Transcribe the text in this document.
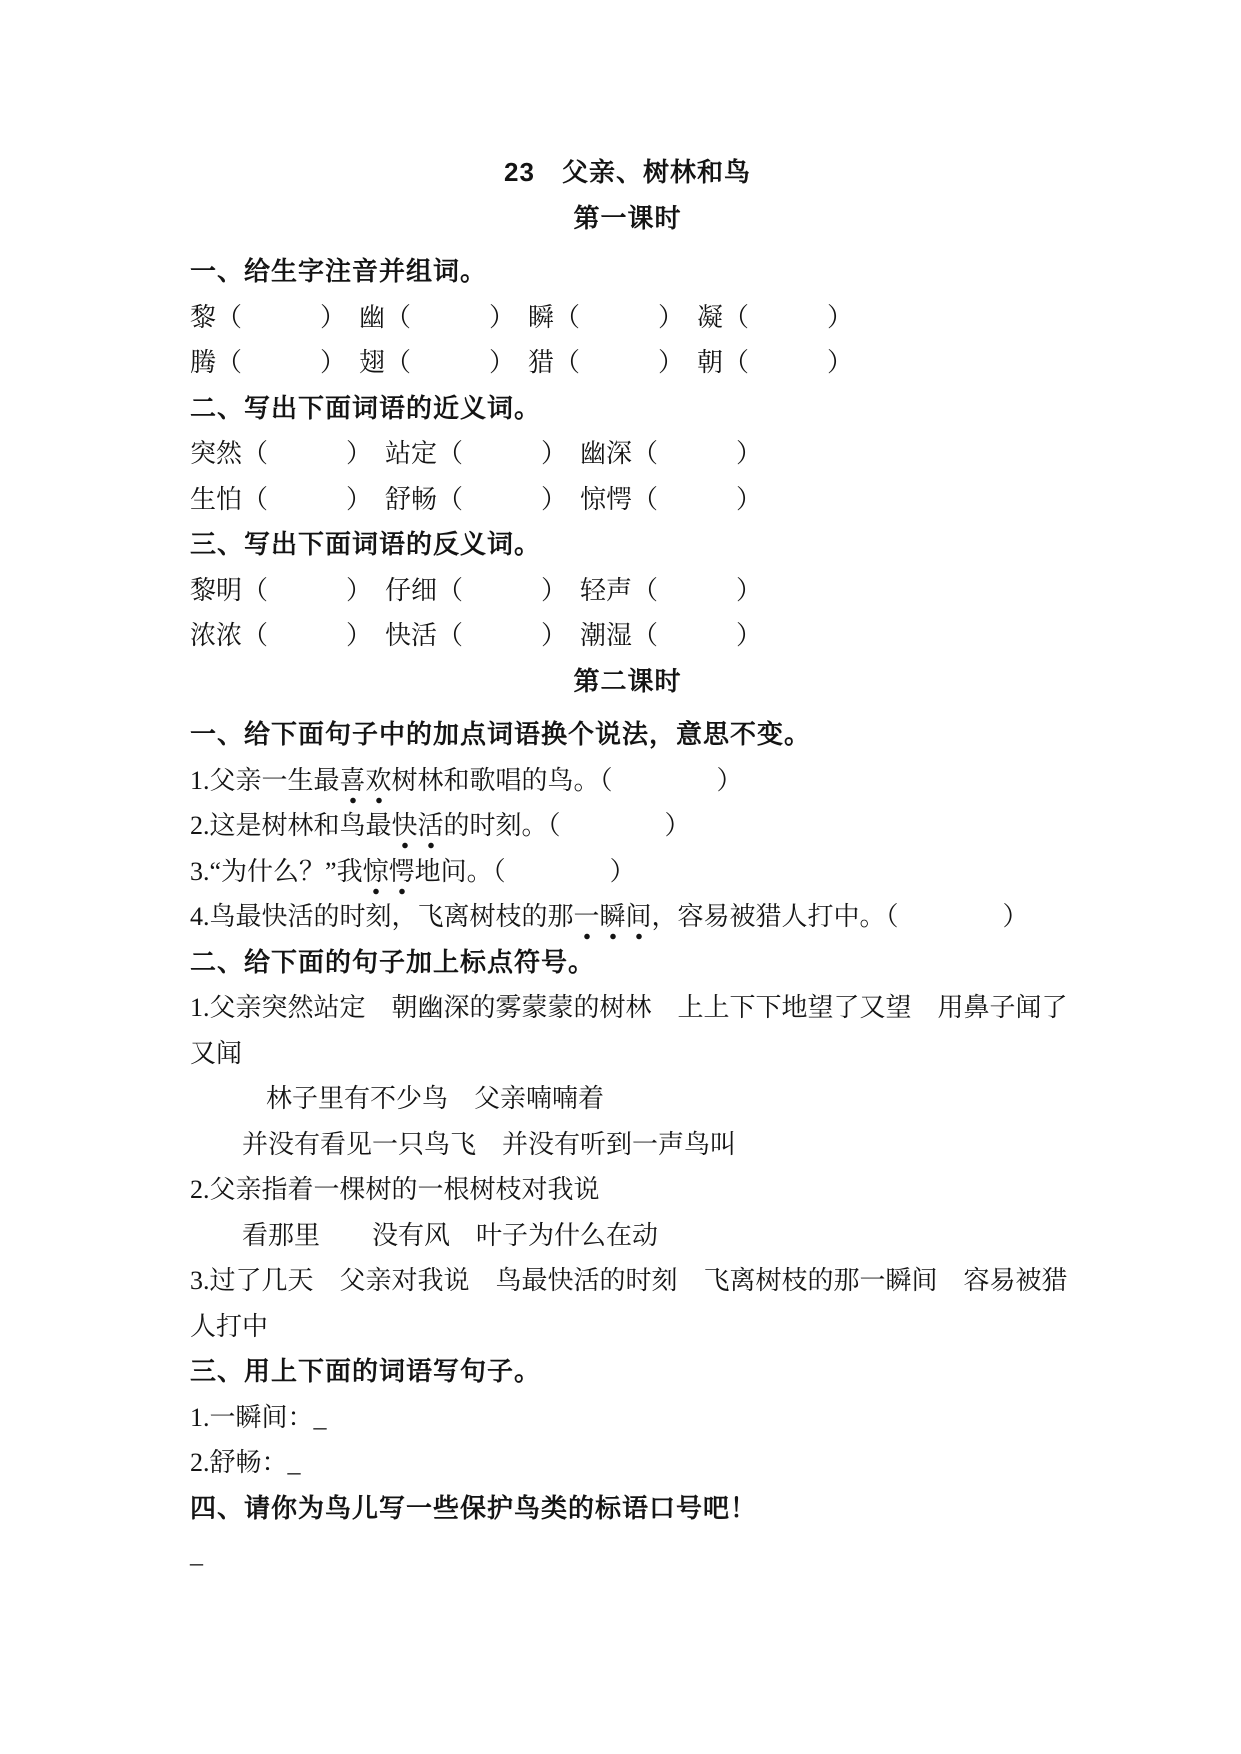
23　父亲、树林和鸟
第一课时
一、给生字注音并组词。
黎（　　　）　幽（　　　）　瞬（　　　）　凝（　　　）
腾（　　　）　翅（　　　）　猎（　　　）　朝（　　　）
二、写出下面词语的近义词。
突然（　　　）　站定（　　　）　幽深（　　　）
生怕（　　　）　舒畅（　　　）　惊愕（　　　）
三、写出下面词语的反义词。
黎明（　　　）　仔细（　　　）　轻声（　　　）
浓浓（　　　）　快活（　　　）　潮湿（　　　）
第二课时
一、给下面句子中的加点词语换个说法，意思不变。
1.父亲一生最喜欢树林和歌唱的鸟。（　　　　）
2.这是树林和鸟最快活的时刻。（　　　　）
3.“为什么？”我惊愕地问。（　　　　）
4.鸟最快活的时刻，飞离树枝的那一瞬间，容易被猎人打中。（　　　　）
二、给下面的句子加上标点符号。
1.父亲突然站定　朝幽深的雾蒙蒙的树林　上上下下地望了又望　用鼻子闻了
又闻
林子里有不少鸟　父亲喃喃着
并没有看见一只鸟飞　并没有听到一声鸟叫
2.父亲指着一棵树的一根树枝对我说
看那里　　没有风　叶子为什么在动
3.过了几天　父亲对我说　鸟最快活的时刻　飞离树枝的那一瞬间　容易被猎
人打中
三、用上下面的词语写句子。
1.一瞬间：_
2.舒畅：_
四、请你为鸟儿写一些保护鸟类的标语口号吧！
_
